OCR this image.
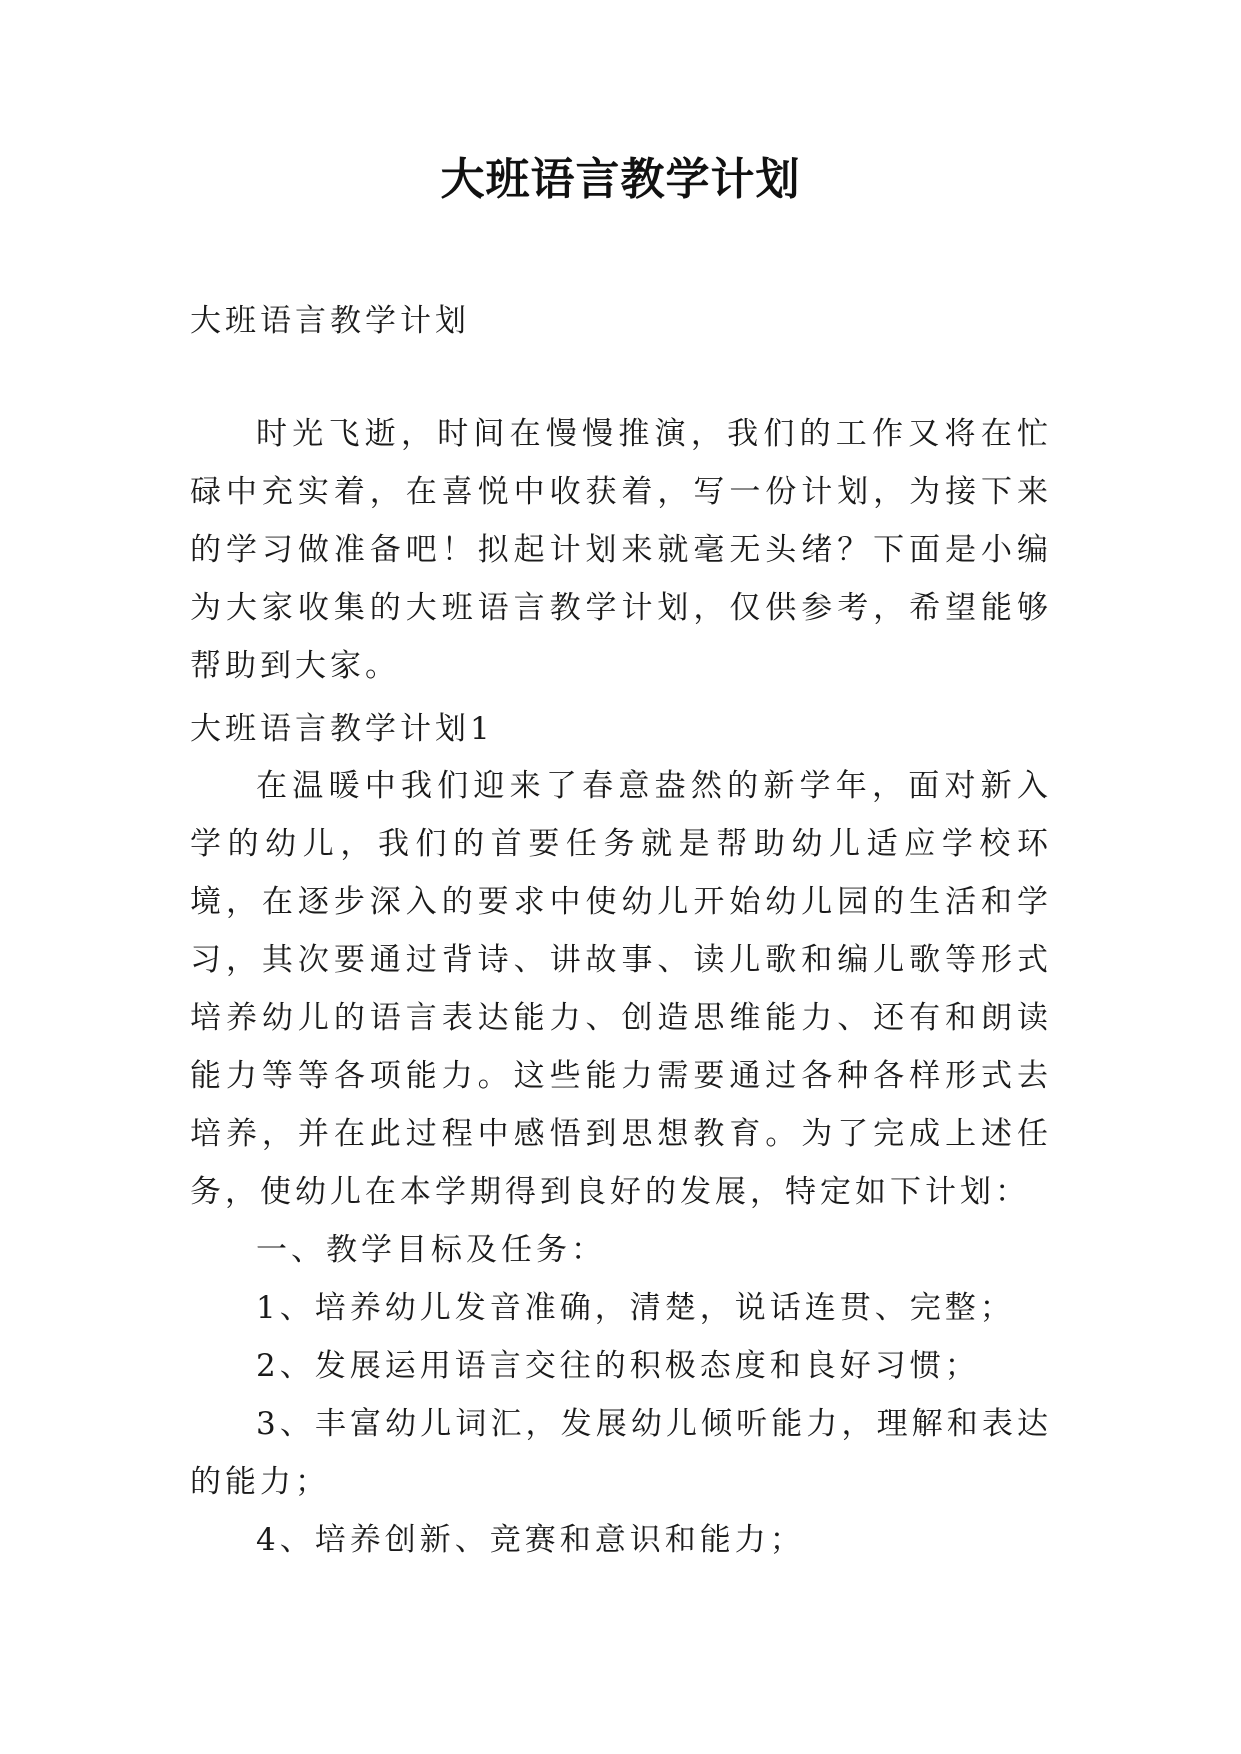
大班语言教学计划
大班语言教学计划
时光飞逝，时间在慢慢推演，我们的工作又将在忙碌中充实着，在喜悦中收获着，写一份计划，为接下来的学习做准备吧！拟起计划来就毫无头绪？下面是小编为大家收集的大班语言教学计划，仅供参考，希望能够帮助到大家。
大班语言教学计划1

在温暖中我们迎来了春意盎然的新学年，面对新入学的幼儿，我们的首要任务就是帮助幼儿适应学校环境，在逐步深入的要求中使幼儿开始幼儿园的生活和学习，其次要通过背诗、讲故事、读儿歌和编儿歌等形式培养幼儿的语言表达能力、创造思维能力、还有和朗读能力等等各项能力。这些能力需要通过各种各样形式去培养，并在此过程中感悟到思想教育。为了完成上述任务，使幼儿在本学期得到良好的发展，特定如下计划：

一、教学目标及任务：

1、培养幼儿发音准确，清楚，说话连贯、完整；

2、发展运用语言交往的积极态度和良好习惯；

3、丰富幼儿词汇，发展幼儿倾听能力，理解和表达的能力；

4、培养创新、竞赛和意识和能力；
